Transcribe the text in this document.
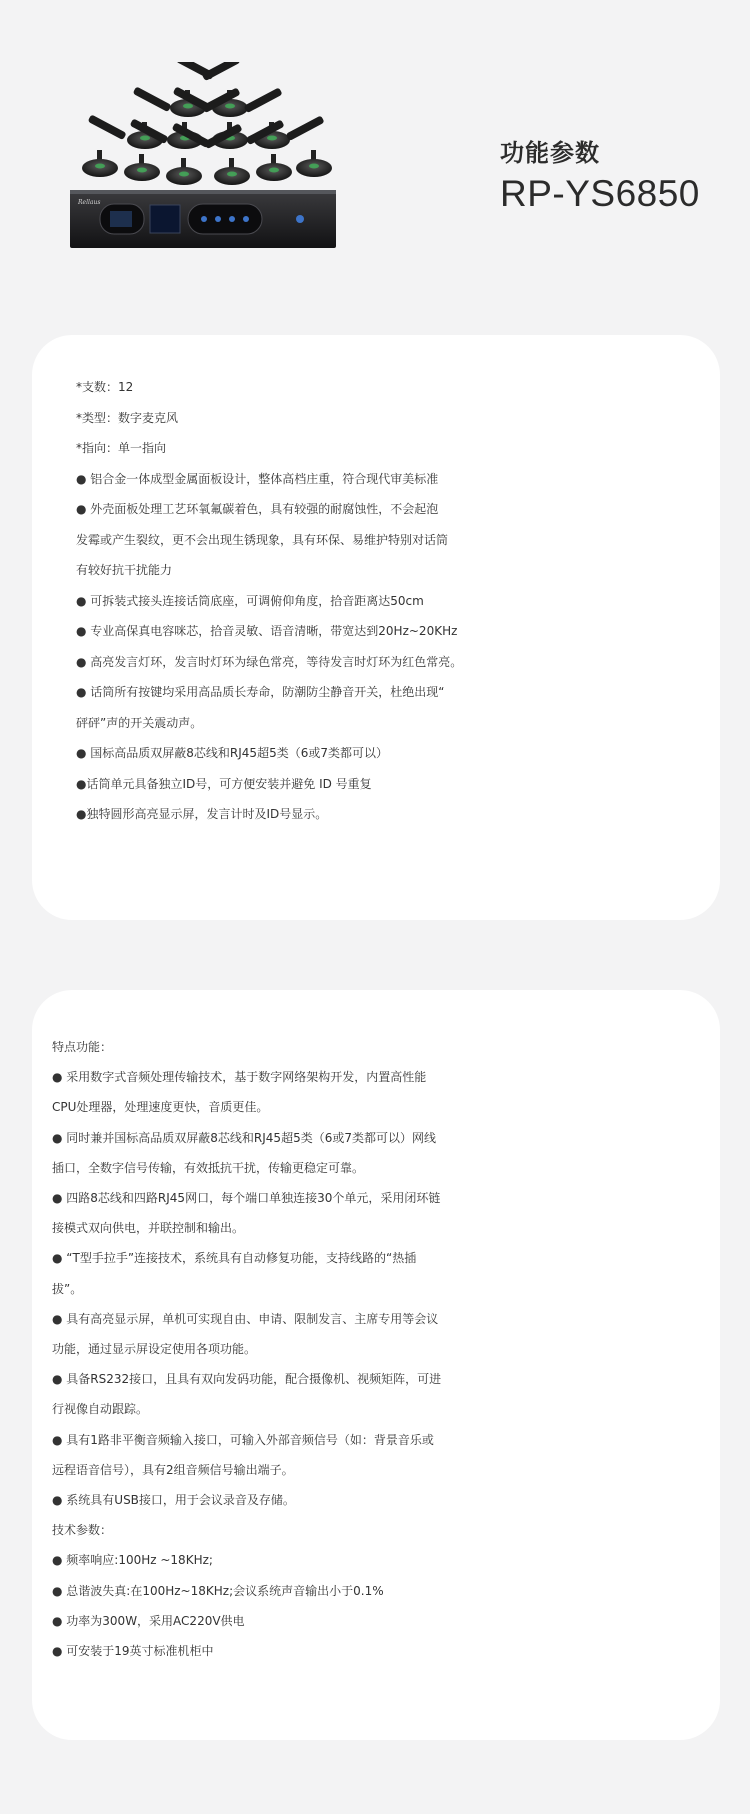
Rellaus
功能参数
RP-YS6850
*支数：12
*类型：数字麦克风
*指向：单一指向
● 铝合金一体成型金属面板设计，整体高档庄重，符合现代审美标准
● 外壳面板处理工艺环氧氟碳着色，具有较强的耐腐蚀性，不会起泡
发霉或产生裂纹，更不会出现生锈现象，具有环保、易维护特别对话筒
有较好抗干扰能力
● 可拆装式接头连接话筒底座，可调俯仰角度，拾音距离达50cm
● 专业高保真电容咪芯，拾音灵敏、语音清晰，带宽达到20Hz~20KHz
● 高亮发言灯环，发言时灯环为绿色常亮，等待发言时灯环为红色常亮。
● 话筒所有按键均采用高品质长寿命，防潮防尘静音开关，杜绝出现“
砰砰”声的开关震动声。
● 国标高品质双屏蔽8芯线和RJ45超5类（6或7类都可以）
●话筒单元具备独立ID号，可方便安装并避免 ID 号重复
●独特圆形高亮显示屏，发言计时及ID号显示。
特点功能：
● 采用数字式音频处理传输技术，基于数字网络架构开发，内置高性能
CPU处理器，处理速度更快，音质更佳。
● 同时兼并国标高品质双屏蔽8芯线和RJ45超5类（6或7类都可以）网线
插口，全数字信号传输，有效抵抗干扰，传输更稳定可靠。
● 四路8芯线和四路RJ45网口，每个端口单独连接30个单元，采用闭环链
接模式双向供电，并联控制和输出。
● “T型手拉手”连接技术，系统具有自动修复功能，支持线路的“热插
拔”。
● 具有高亮显示屏，单机可实现自由、申请、限制发言、主席专用等会议
功能，通过显示屏设定使用各项功能。
● 具备RS232接口，且具有双向发码功能，配合摄像机、视频矩阵，可进
行视像自动跟踪。
● 具有1路非平衡音频输入接口，可输入外部音频信号（如：背景音乐或
远程语音信号），具有2组音频信号输出端子。
● 系统具有USB接口，用于会议录音及存储。
技术参数：
● 频率响应:100Hz ~18KHz;
● 总谐波失真:在100Hz~18KHz;会议系统声音输出小于0.1%
● 功率为300W，采用AC220V供电
● 可安装于19英寸标准机柜中
